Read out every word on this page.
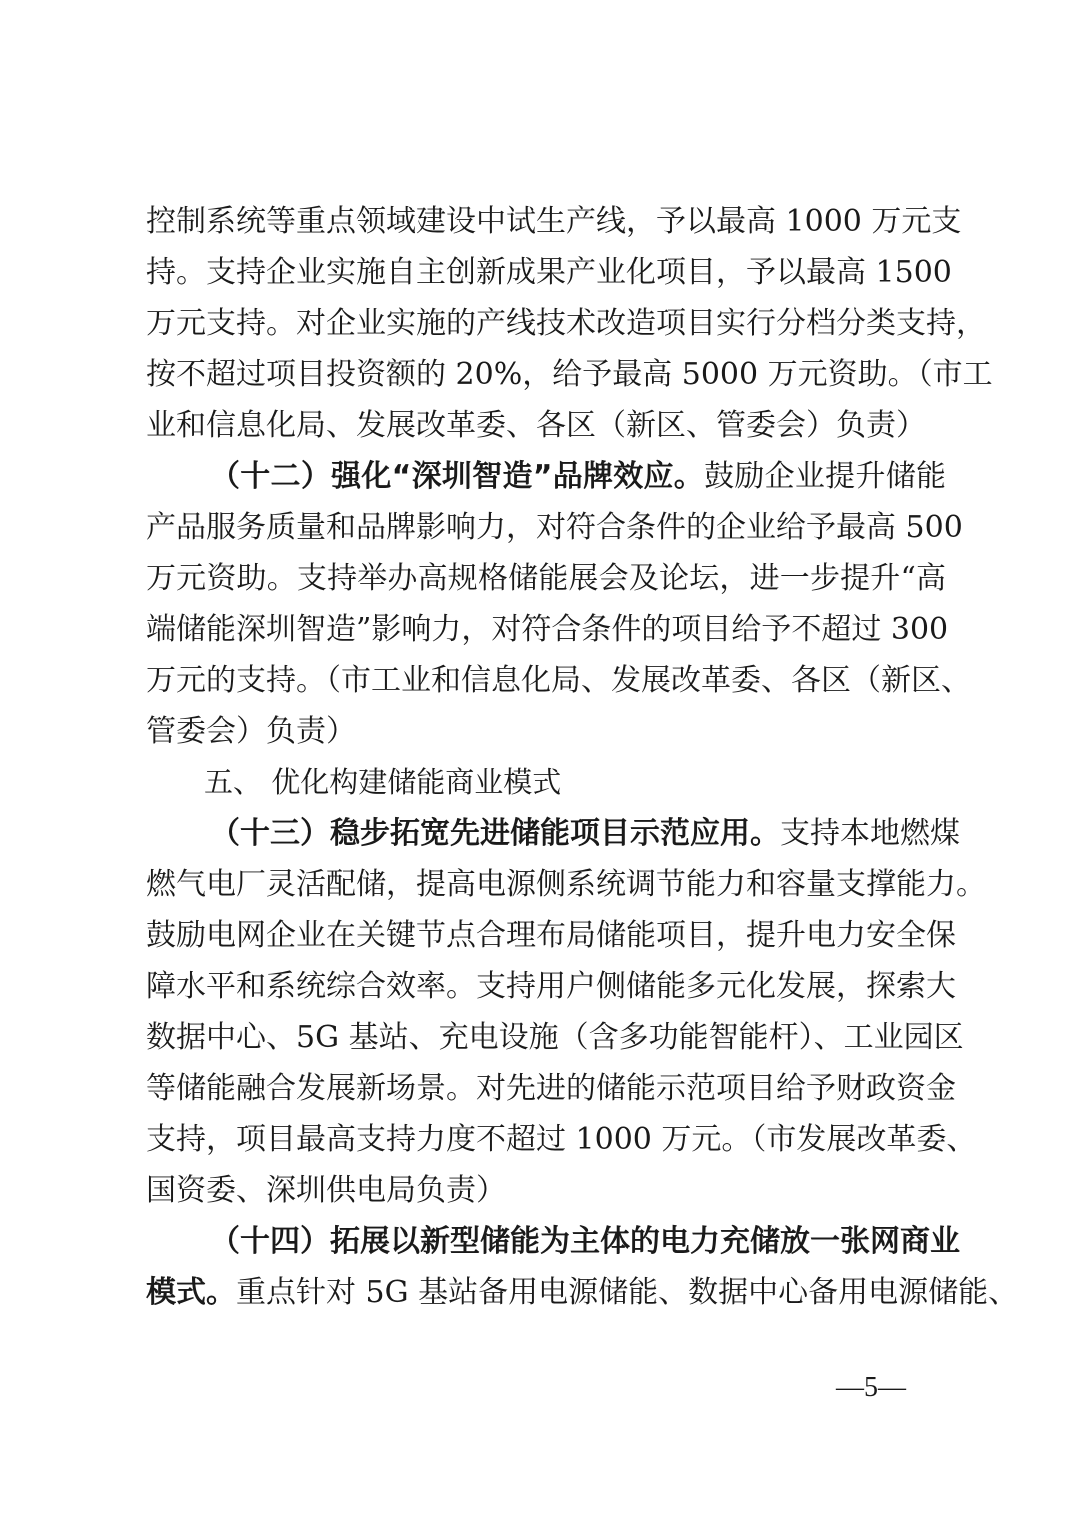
控制系统等重点领域建设中试生产线，予以最高 1000 万元支
持。支持企业实施自主创新成果产业化项目，予以最高 1500
万元支持。对企业实施的产线技术改造项目实行分档分类支持，
按不超过项目投资额的 20%，给予最高 5000 万元资助。（市工
业和信息化局、发展改革委、各区（新区、管委会）负责）
（十二）强化“深圳智造”品牌效应。鼓励企业提升储能
产品服务质量和品牌影响力，对符合条件的企业给予最高 500
万元资助。支持举办高规格储能展会及论坛，进一步提升“高
端储能深圳智造”影响力，对符合条件的项目给予不超过 300
万元的支持。（市工业和信息化局、发展改革委、各区（新区、
管委会）负责）
五、 优化构建储能商业模式
（十三）稳步拓宽先进储能项目示范应用。支持本地燃煤
燃气电厂灵活配储，提高电源侧系统调节能力和容量支撑能力。
鼓励电网企业在关键节点合理布局储能项目，提升电力安全保
障水平和系统综合效率。支持用户侧储能多元化发展，探索大
数据中心、5G 基站、充电设施（含多功能智能杆）、工业园区
等储能融合发展新场景。对先进的储能示范项目给予财政资金
支持，项目最高支持力度不超过 1000 万元。（市发展改革委、
国资委、深圳供电局负责）
（十四）拓展以新型储能为主体的电力充储放一张网商业
模式。重点针对 5G 基站备用电源储能、数据中心备用电源储能、
—5—
